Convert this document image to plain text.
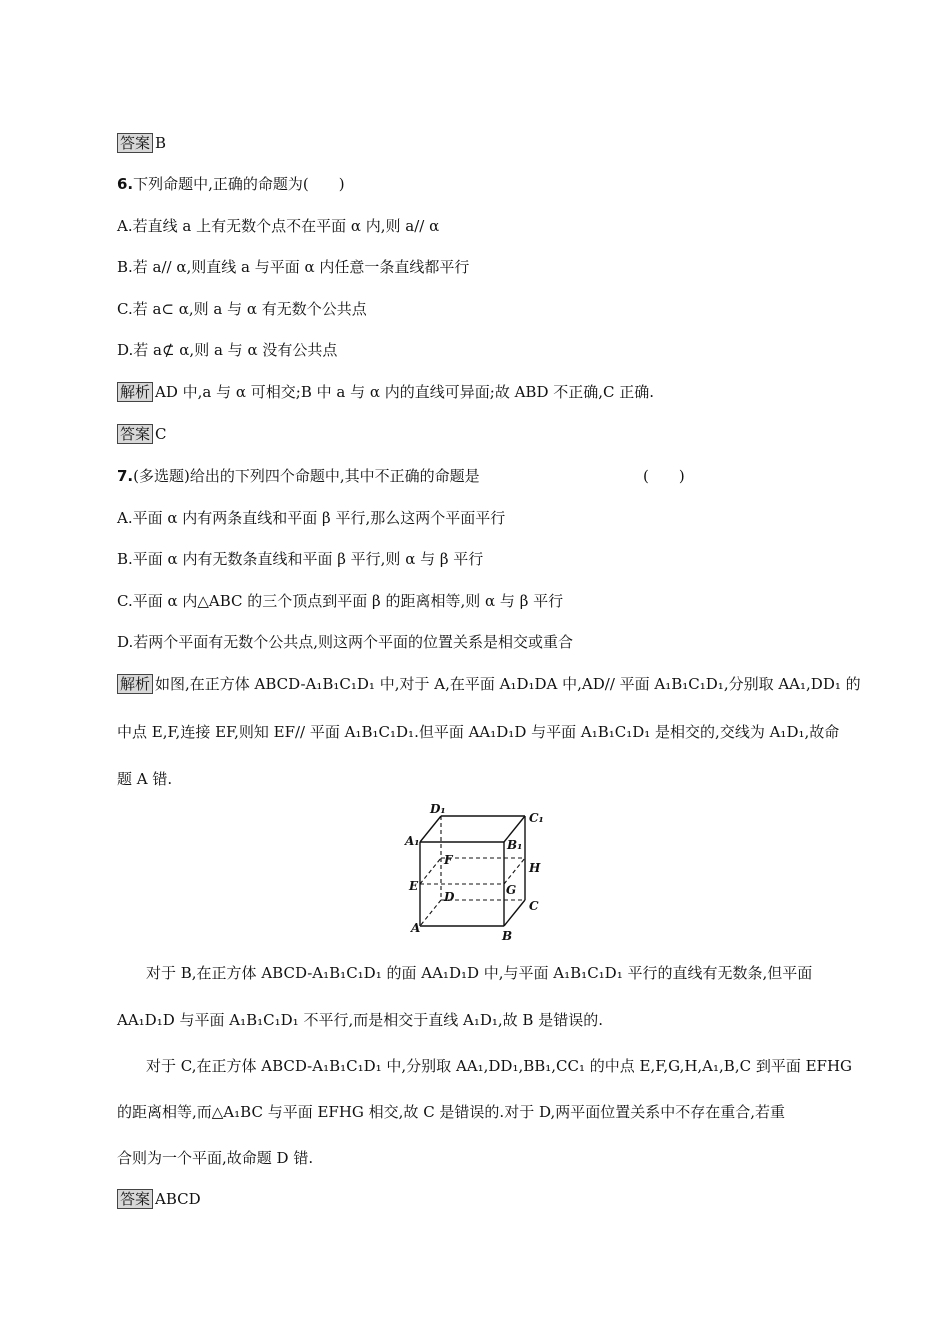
答案 B
6.下列命题中,正确的命题为(　　)
A.若直线 a 上有无数个点不在平面 α 内,则 a// α
B.若 a// α,则直线 a 与平面 α 内任意一条直线都平行
C.若 a⊂ α,则 a 与 α 有无数个公共点
D.若 a⊄ α,则 a 与 α 没有公共点
解析 AD 中,a 与 α 可相交;B 中 a 与 α 内的直线可异面;故 ABD 不正确,C 正确.
答案 C
7.(多选题)给出的下列四个命题中,其中不正确的命题是	(　　)
A.平面 α 内有两条直线和平面 β 平行,那么这两个平面平行
B.平面 α 内有无数条直线和平面 β 平行,则 α 与 β 平行
C.平面 α 内△ABC 的三个顶点到平面 β 的距离相等,则 α 与 β 平行
D.若两个平面有无数个公共点,则这两个平面的位置关系是相交或重合
解析 如图,在正方体 ABCD-A₁B₁C₁D₁ 中,对于 A,在平面 A₁D₁DA 中,AD// 平面 A₁B₁C₁D₁,分别取 AA₁,DD₁ 的
中点 E,F,连接 EF,则知 EF// 平面 A₁B₁C₁D₁.但平面 AA₁D₁D 与平面 A₁B₁C₁D₁ 是相交的,交线为 A₁D₁,故命
题 A 错.
D₁
C₁
A₁	B₁
F
H
E	G
D
C
A
B
对于 B,在正方体 ABCD-A₁B₁C₁D₁ 的面 AA₁D₁D 中,与平面 A₁B₁C₁D₁ 平行的直线有无数条,但平面
AA₁D₁D 与平面 A₁B₁C₁D₁ 不平行,而是相交于直线 A₁D₁,故 B 是错误的.
对于 C,在正方体 ABCD-A₁B₁C₁D₁ 中,分别取 AA₁,DD₁,BB₁,CC₁ 的中点 E,F,G,H,A₁,B,C 到平面 EFHG
的距离相等,而△A₁BC 与平面 EFHG 相交,故 C 是错误的.对于 D,两平面位置关系中不存在重合,若重
合则为一个平面,故命题 D 错.
答案 ABCD
